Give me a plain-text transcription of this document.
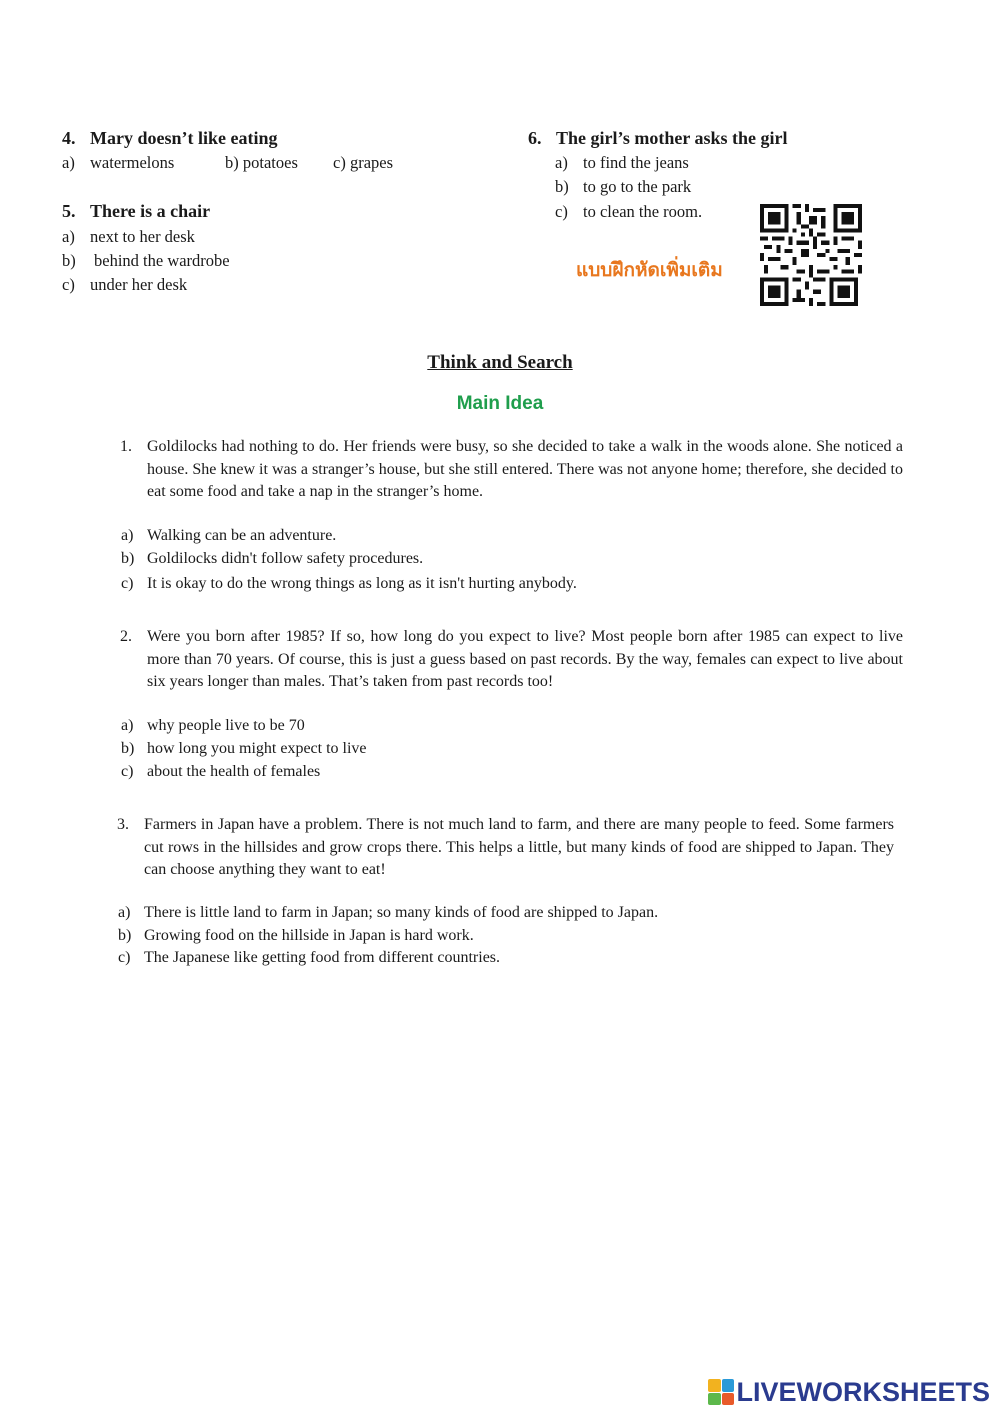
4. Mary doesn’t like eating
a) watermelons	b) potatoes c) grapes
5. There is a chair
a) next to her desk
b) behind the wardrobe
c) under her desk
6. The girl’s mother asks the girl
a) to find the jeans
b) to go to the park
c) to clean the room.
แบบฝึกหัดเพิ่มเติม
Think and Search
Main Idea
1. Goldilocks had nothing to do. Her friends were busy, so she decided to take a walk in the woods alone. She noticed a house. She knew it was a stranger’s house, but she still entered. There was not anyone home; therefore, she decided to eat some food and take a nap in the stranger’s home.
a) Walking can be an adventure.
b) Goldilocks didn't follow safety procedures.
c) It is okay to do the wrong things as long as it isn't hurting anybody.
2. Were you born after 1985? If so, how long do you expect to live? Most people born after 1985 can expect to live more than 70 years. Of course, this is just a guess based on past records. By the way, females can expect to live about six years longer than males. That’s taken from past records too!
a) why people live to be 70
b) how long you might expect to live
c) about the health of females
3. Farmers in Japan have a problem. There is not much land to farm, and there are many people to feed. Some farmers cut rows in the hillsides and grow crops there. This helps a little, but many kinds of food are shipped to Japan. They can choose anything they want to eat!
a) There is little land to farm in Japan; so many kinds of food are shipped to Japan.
b) Growing food on the hillside in Japan is hard work.
c) The Japanese like getting food from different countries.
LIVEWORKSHEETS
